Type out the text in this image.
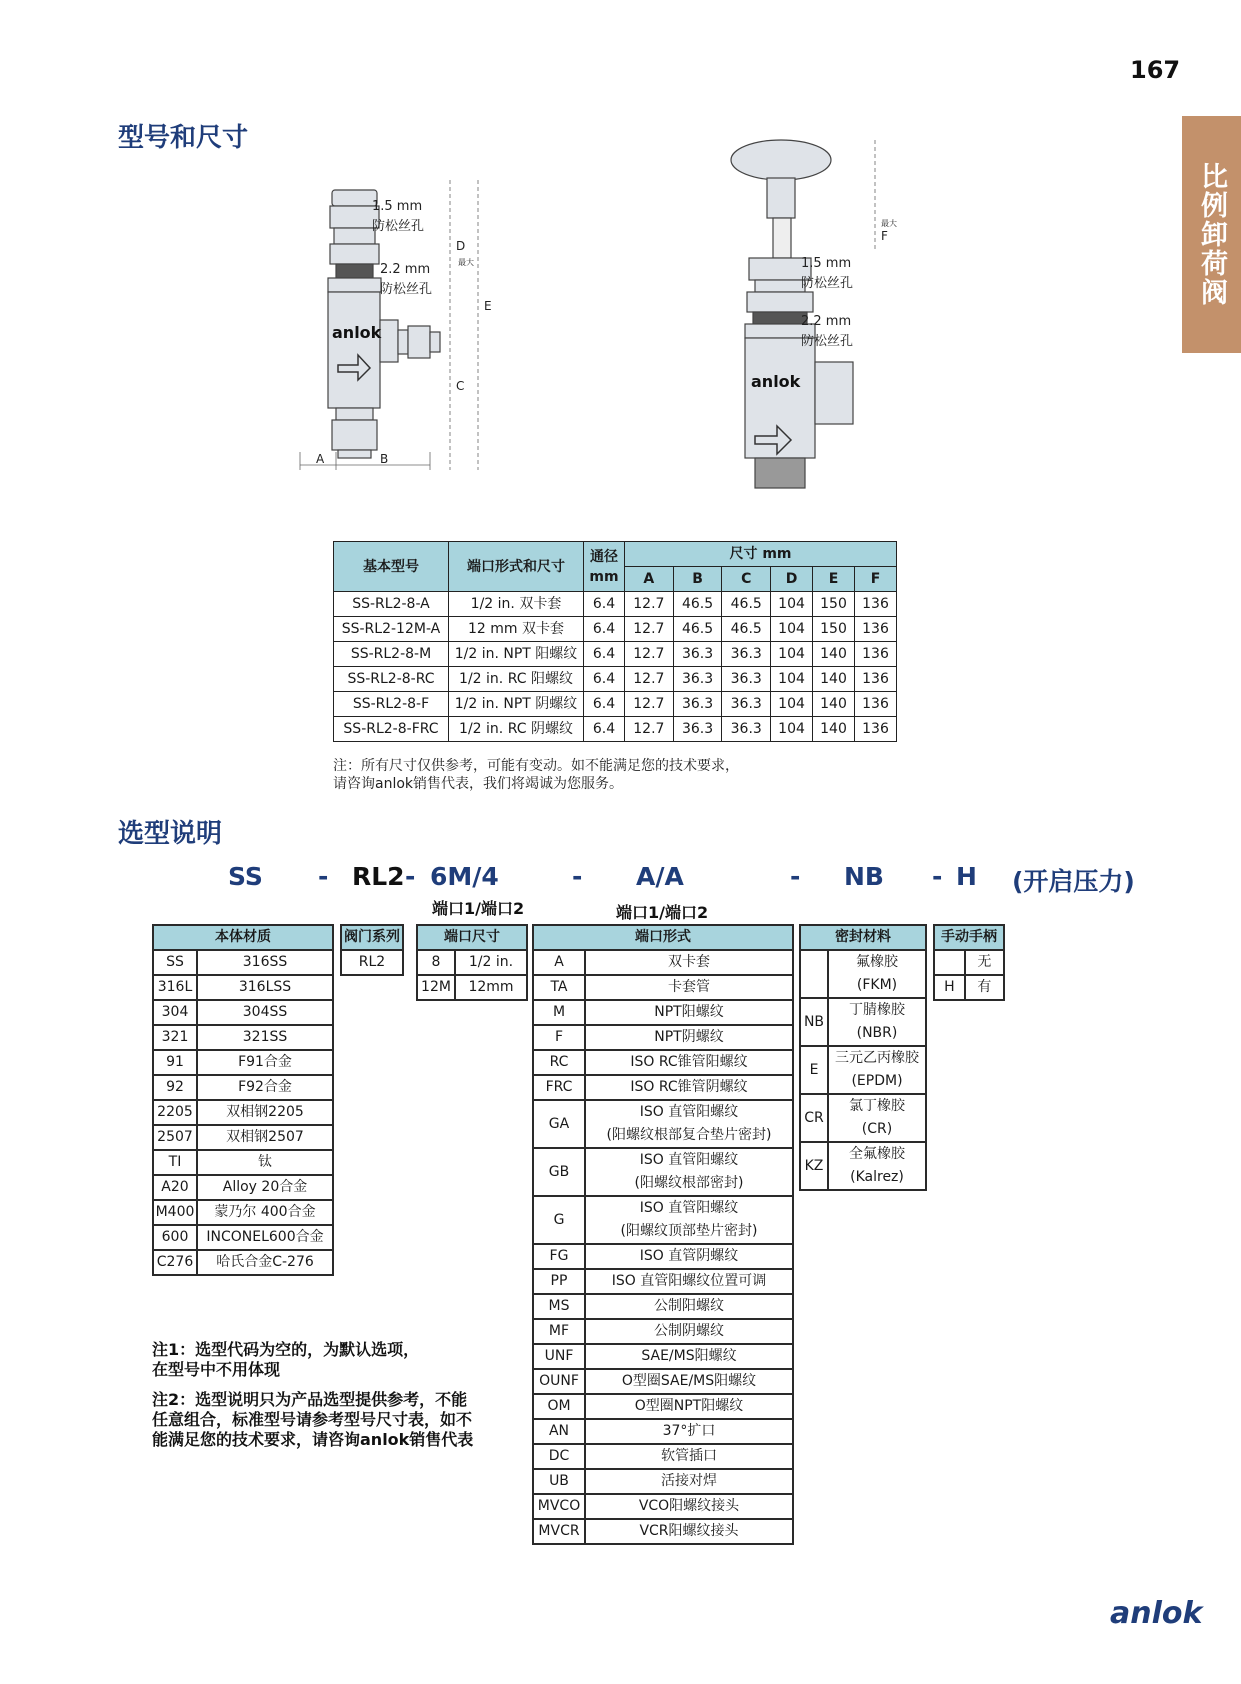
167
比例卸荷阀
型号和尺寸
1.5 mm
防松丝孔
2.2 mm
防松丝孔
anlok
D
E
C
A	B
最大	1.5 mm
防松丝孔
2.2 mm
防松丝孔
anlok
F
最大
基本型号	端口形式和尺寸	通径
mm	尺寸 mm					
			A	B	C	D	E	F
SS-RL2-8-A	1/2 in. 双卡套	6.4	12.7	46.5	46.5	104	150	136
SS-RL2-12M-A	12 mm 双卡套	6.4	12.7	46.5	46.5	104	150	136
SS-RL2-8-M	1/2 in. NPT 阳螺纹	6.4	12.7	36.3	36.3	104	140	136
SS-RL2-8-RC	1/2 in. RC 阳螺纹	6.4	12.7	36.3	36.3	104	140	136
SS-RL2-8-F	1/2 in. NPT 阴螺纹	6.4	12.7	36.3	36.3	104	140	136
SS-RL2-8-FRC	1/2 in. RC 阴螺纹	6.4	12.7	36.3	36.3	104	140	136
注：所有尺寸仅供参考，可能有变动。如不能满足您的技术要求，
请咨询anlok销售代表，我们将竭诚为您服务。
选型说明
SS - RL2 - 6M/4	- A/A	- NB - H (开启压力)
端口1/端口2	端口1/端口2
本体材质	
SS	316SS
316L	316LSS
304	304SS
321	321SS
91	F91合金
92	F92合金
2205	双相钢2205
2507	双相钢2507
TI	钛
A20	Alloy 20合金
M400	蒙乃尔 400合金
600	INCONEL600合金
C276	哈氏合金C-276
阀门系列
RL2
端口尺寸	
8	1/2 in.
12M	12mm
端口形式	
A	双卡套
TA	卡套管
M	NPT阳螺纹
F	NPT阴螺纹
RC	ISO RC锥管阳螺纹
FRC	ISO RC锥管阴螺纹
GA	ISO 直管阳螺纹
	(阳螺纹根部复合垫片密封)
GB	ISO 直管阳螺纹
	(阳螺纹根部密封)
G	ISO 直管阳螺纹
	(阳螺纹顶部垫片密封)
FG	ISO 直管阴螺纹
PP	ISO 直管阳螺纹位置可调
MS	公制阳螺纹
MF	公制阴螺纹
UNF	SAE/MS阳螺纹
OUNF	O型圈SAE/MS阳螺纹
OM	O型圈NPT阳螺纹
AN	37°扩口
DC	软管插口
UB	活接对焊
MVCO	VCO阳螺纹接头
MVCR	VCR阳螺纹接头
密封材料	
	氟橡胶
	(FKM)
NB	丁腈橡胶
	(NBR)
E	三元乙丙橡胶
	(EPDM)
CR	氯丁橡胶
	(CR)
KZ	全氟橡胶
	(Kalrez)
手动手柄	
	无
H	有
注1：选型代码为空的，为默认选项，
在型号中不用体现
注2：选型说明只为产品选型提供参考，不能
任意组合，标准型号请参考型号尺寸表，如不
能满足您的技术要求，请咨询anlok销售代表
anlok
